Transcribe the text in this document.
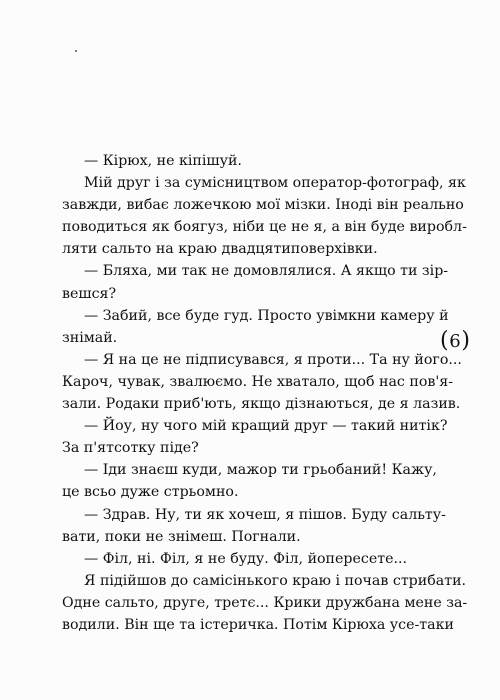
— Кірюх, не кіпішуй.
Мій друг і за сумісництвом оператор-фотограф, як
завжди, вибає ложечкою мої мізки. Іноді він реально
поводиться як боягуз, ніби це не я, а він буде виробл-
ляти сальто на краю двадцятиповерхівки.
— Бляха, ми так не домовлялися. А якщо ти зір-
вешся?
— Забий, все буде гуд. Просто увімкни камеру й
знімай.
— Я на це не підписувався, я проти... Та ну його...
Кароч, чувак, звалюємо. Не хватало, щоб нас пов'я-
зали. Родаки приб'ють, якщо дізнаються, де я лазив.
— Йоу, ну чого мій кращий друг — такий нитік?
За п'ятсотку піде?
— Іди знаєш куди, мажор ти грьобаний! Кажу,
це всьо дуже стрьомно.
— Здрав. Ну, ти як хочеш, я пішов. Буду сальту-
вати, поки не знімеш. Погнали.
— Філ, ні. Філ, я не буду. Філ, йопересете...
Я підійшов до самісінького краю і почав стрибати.
Одне сальто, друге, третє... Крики дружбана мене за-
водили. Він ще та істеричка. Потім Кірюха усе-таки
( 6 )
